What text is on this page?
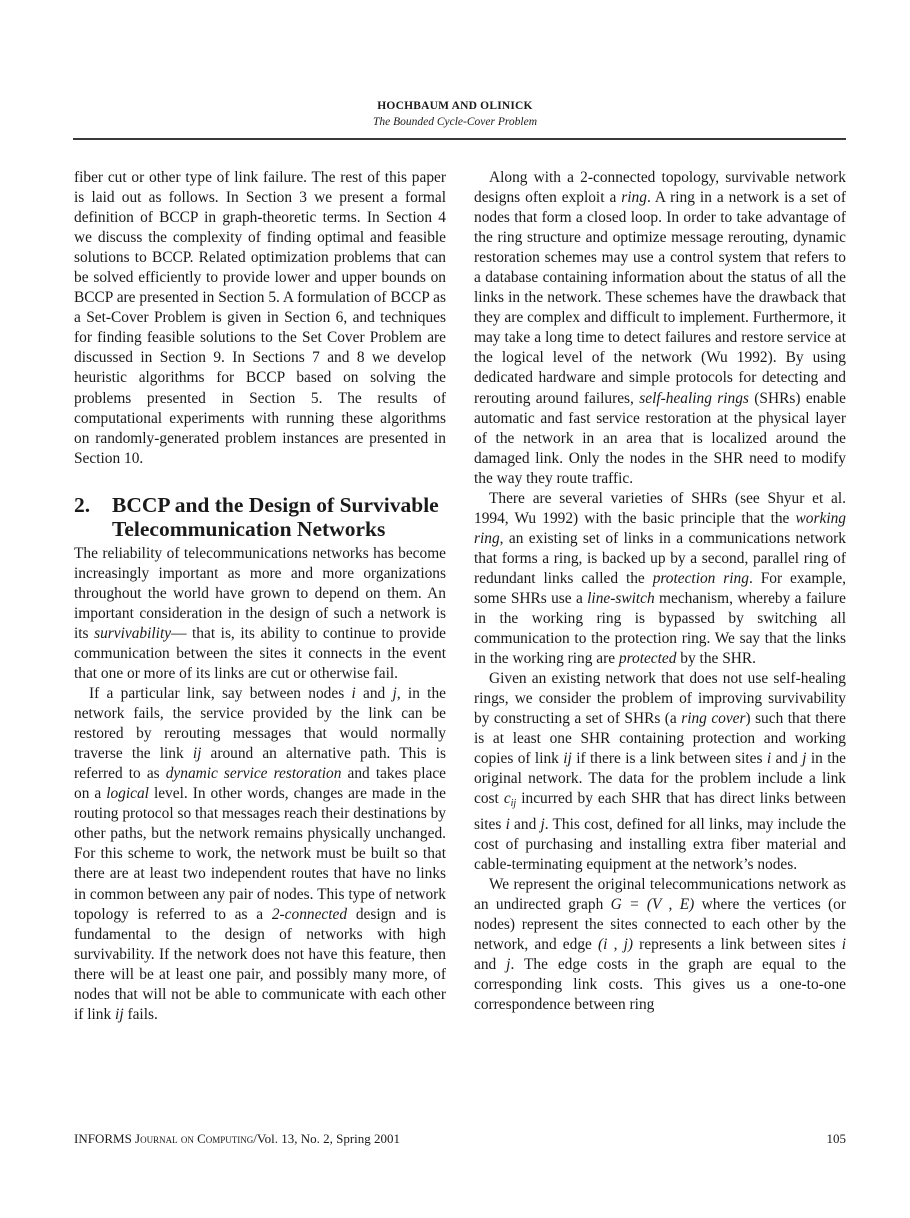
HOCHBAUM AND OLINICK
The Bounded Cycle-Cover Problem

fiber cut or other type of link failure. The rest of this paper is laid out as follows. In Section 3 we present a formal definition of BCCP in graph-theoretic terms. In Section 4 we discuss the complexity of finding optimal and feasible solutions to BCCP. Related optimization problems that can be solved efficiently to provide lower and upper bounds on BCCP are presented in Section 5. A formulation of BCCP as a Set-Cover Problem is given in Section 6, and techniques for finding feasible solutions to the Set Cover Problem are discussed in Section 9. In Sections 7 and 8 we develop heuristic algorithms for BCCP based on solving the problems presented in Section 5. The results of computational experiments with running these algorithms on randomly-generated problem instances are presented in Section 10.

2.	BCCP and the Design of Survivable Telecommunication Networks

The reliability of telecommunications networks has become increasingly important as more and more organizations throughout the world have grown to depend on them. An important consideration in the design of such a network is its survivability— that is, its ability to continue to provide communication between the sites it connects in the event that one or more of its links are cut or otherwise fail.

If a particular link, say between nodes i and j, in the network fails, the service provided by the link can be restored by rerouting messages that would normally traverse the link ij around an alternative path. This is referred to as dynamic service restoration and takes place on a logical level. In other words, changes are made in the routing protocol so that messages reach their destinations by other paths, but the network remains physically unchanged. For this scheme to work, the network must be built so that there are at least two independent routes that have no links in common between any pair of nodes. This type of network topology is referred to as a 2-connected design and is fundamental to the design of networks with high survivability. If the network does not have this feature, then there will be at least one pair, and possibly many more, of nodes that will not be able to communicate with each other if link ij fails.

Along with a 2-connected topology, survivable network designs often exploit a ring. A ring in a network is a set of nodes that form a closed loop. In order to take advantage of the ring structure and optimize message rerouting, dynamic restoration schemes may use a control system that refers to a database containing information about the status of all the links in the network. These schemes have the drawback that they are complex and difficult to implement. Furthermore, it may take a long time to detect failures and restore service at the logical level of the network (Wu 1992). By using dedicated hardware and simple protocols for detecting and rerouting around failures, self-healing rings (SHRs) enable automatic and fast service restoration at the physical layer of the network in an area that is localized around the damaged link. Only the nodes in the SHR need to modify the way they route traffic.

There are several varieties of SHRs (see Shyur et al. 1994, Wu 1992) with the basic principle that the working ring, an existing set of links in a communications network that forms a ring, is backed up by a second, parallel ring of redundant links called the protection ring. For example, some SHRs use a line-switch mechanism, whereby a failure in the working ring is bypassed by switching all communication to the protection ring. We say that the links in the working ring are protected by the SHR.

Given an existing network that does not use self-healing rings, we consider the problem of improving survivability by constructing a set of SHRs (a ring cover) such that there is at least one SHR containing protection and working copies of link ij if there is a link between sites i and j in the original network. The data for the problem include a link cost $c_{ij}$ incurred by each SHR that has direct links between sites i and j. This cost, defined for all links, may include the cost of purchasing and installing extra fiber material and cable-terminating equipment at the network’s nodes.

We represent the original telecommunications network as an undirected graph G = (V , E) where the vertices (or nodes) represent the sites connected to each other by the network, and edge (i , j) represents a link between sites i and j. The edge costs in the graph are equal to the corresponding link costs. This gives us a one-to-one correspondence between ring

INFORMS Journal on Computing/Vol. 13, No. 2, Spring 2001	105
